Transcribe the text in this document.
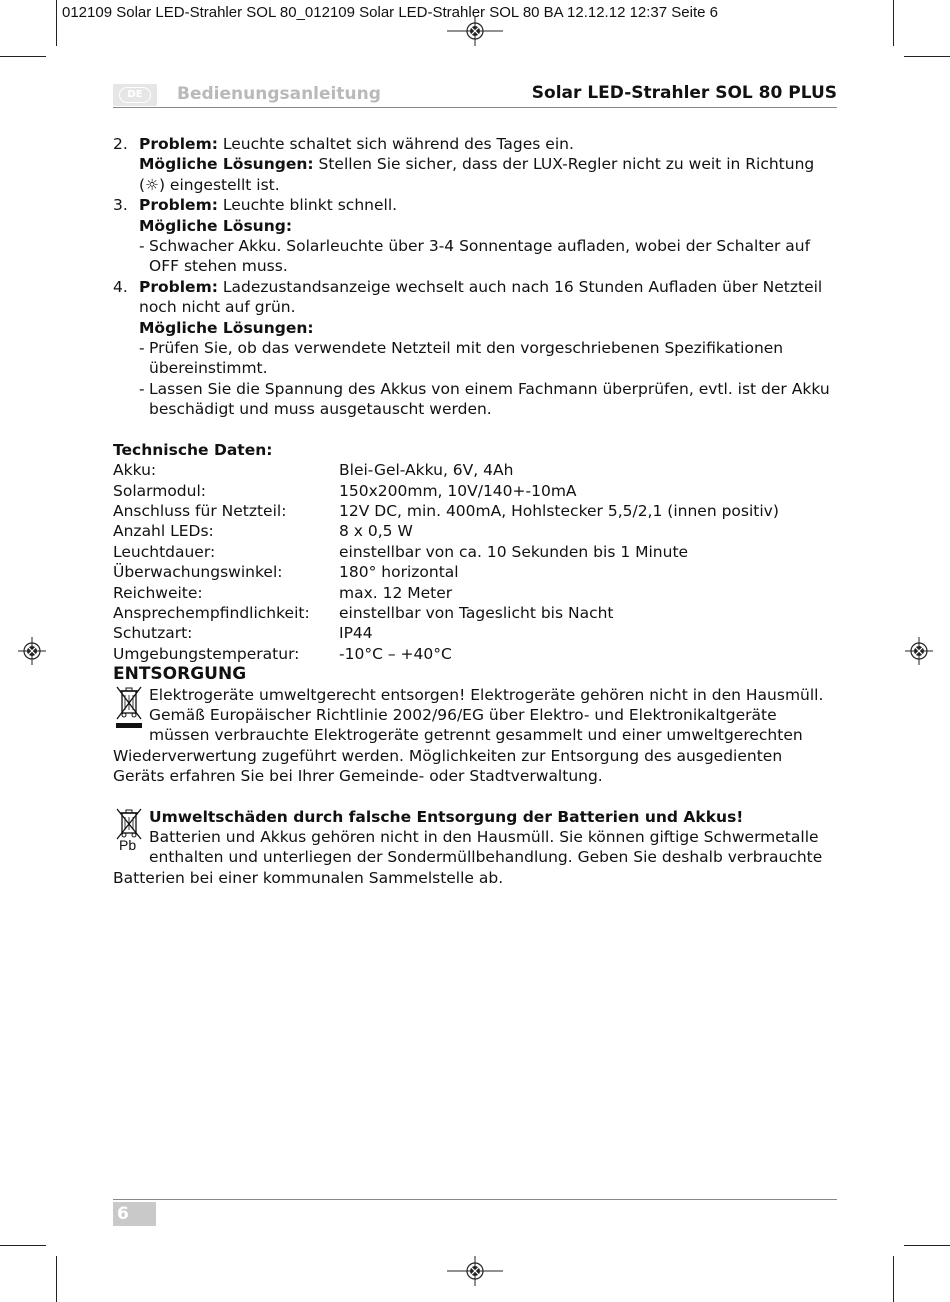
012109 Solar LED-Strahler SOL 80_012109 Solar LED-Strahler SOL 80 BA 12.12.12 12:37 Seite 6
DE	Bedienungsanleitung	Solar LED-Strahler SOL 80 PLUS
2. Problem: Leuchte schaltet sich während des Tages ein.

Mögliche Lösungen: Stellen Sie sicher, dass der LUX-Regler nicht zu weit in Richtung (☼) eingestellt ist.

3. Problem: Leuchte blinkt schnell.

Mögliche Lösung:

- Schwacher Akku. Solarleuchte über 3-4 Sonnentage aufladen, wobei der Schalter auf OFF stehen muss.
4. Problem: Ladezustandsanzeige wechselt auch nach 16 Stunden Aufladen über Netzteil noch nicht auf grün.

Mögliche Lösungen:

- Prüfen Sie, ob das verwendete Netzteil mit den vorgeschriebenen Spezifikationen übereinstimmt.
- Lassen Sie die Spannung des Akkus von einem Fachmann überprüfen, evtl. ist der Akku beschädigt und muss ausgetauscht werden.

Technische Daten:

Akku:	Blei-Gel-Akku, 6V, 4Ah
Solarmodul:	150x200mm, 10V/140+-10mA
Anschluss für Netzteil:	12V DC, min. 400mA, Hohlstecker 5,5/2,1 (innen positiv)
Anzahl LEDs:	8 x 0,5 W
Leuchtdauer:	einstellbar von ca. 10 Sekunden bis 1 Minute
Überwachungswinkel:	180° horizontal
Reichweite:	max. 12 Meter
Ansprechempfindlichkeit:	einstellbar von Tageslicht bis Nacht
Schutzart:	IP44
Umgebungstemperatur:	-10°C – +40°C

ENTSORGUNG

Elektrogeräte umweltgerecht entsorgen! Elektrogeräte gehören nicht in den Hausmüll. Gemäß Europäischer Richtlinie 2002/96/EG über Elektro- und Elektronikaltgeräte müssen verbrauchte Elektrogeräte getrennt gesammelt und einer umweltgerechten Wiederverwertung zugeführt werden. Möglichkeiten zur Entsorgung des ausgedienten Geräts erfahren Sie bei Ihrer Gemeinde- oder Stadtverwaltung.

Pb

Umweltschäden durch falsche Entsorgung der Batterien und Akkus!

Batterien und Akkus gehören nicht in den Hausmüll. Sie können giftige Schwermetalle enthalten und unterliegen der Sondermüllbehandlung. Geben Sie deshalb verbrauchte Batterien bei einer kommunalen Sammelstelle ab.

6
